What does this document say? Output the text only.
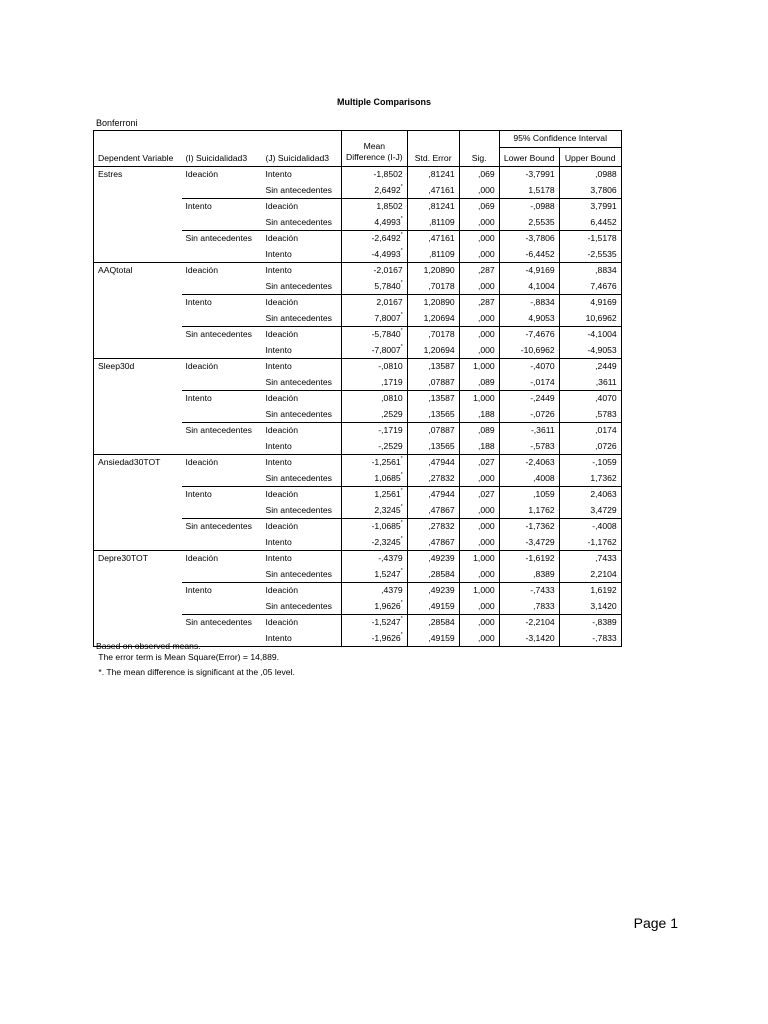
Multiple Comparisons
Bonferroni
Dependent Variable	(I) Suicidalidad3	(J) Suicidalidad3	Mean
Difference (I-J)	Std. Error	Sig.	95% Confidence Interval	
						Lower Bound	Upper Bound
Estres	Ideación	Intento	-1,8502	,81241	,069	-3,7991	,0988
		Sin antecedentes	2,6492*	,47161	,000	1,5178	3,7806
	Intento	Ideación	1,8502	,81241	,069	-,0988	3,7991
		Sin antecedentes	4,4993*	,81109	,000	2,5535	6,4452
	Sin antecedentes	Ideación	-2,6492*	,47161	,000	-3,7806	-1,5178
		Intento	-4,4993*	,81109	,000	-6,4452	-2,5535
AAQtotal	Ideación	Intento	-2,0167	1,20890	,287	-4,9169	,8834
		Sin antecedentes	5,7840*	,70178	,000	4,1004	7,4676
	Intento	Ideación	2,0167	1,20890	,287	-,8834	4,9169
		Sin antecedentes	7,8007*	1,20694	,000	4,9053	10,6962
	Sin antecedentes	Ideación	-5,7840*	,70178	,000	-7,4676	-4,1004
		Intento	-7,8007*	1,20694	,000	-10,6962	-4,9053
Sleep30d	Ideación	Intento	-,0810	,13587	1,000	-,4070	,2449
		Sin antecedentes	,1719	,07887	,089	-,0174	,3611
	Intento	Ideación	,0810	,13587	1,000	-,2449	,4070
		Sin antecedentes	,2529	,13565	,188	-,0726	,5783
	Sin antecedentes	Ideación	-,1719	,07887	,089	-,3611	,0174
		Intento	-,2529	,13565	,188	-,5783	,0726
Ansiedad30TOT	Ideación	Intento	-1,2561*	,47944	,027	-2,4063	-,1059
		Sin antecedentes	1,0685*	,27832	,000	,4008	1,7362
	Intento	Ideación	1,2561*	,47944	,027	,1059	2,4063
		Sin antecedentes	2,3245*	,47867	,000	1,1762	3,4729
	Sin antecedentes	Ideación	-1,0685*	,27832	,000	-1,7362	-,4008
		Intento	-2,3245*	,47867	,000	-3,4729	-1,1762
Depre30TOT	Ideación	Intento	-,4379	,49239	1,000	-1,6192	,7433
		Sin antecedentes	1,5247*	,28584	,000	,8389	2,2104
	Intento	Ideación	,4379	,49239	1,000	-,7433	1,6192
		Sin antecedentes	1,9626*	,49159	,000	,7833	3,1420
	Sin antecedentes	Ideación	-1,5247*	,28584	,000	-2,2104	-,8389
		Intento	-1,9626*	,49159	,000	-3,1420	-,7833
Based on observed means.
The error term is Mean Square(Error) = 14,889.
*. The mean difference is significant at the ,05 level.
Page 1
